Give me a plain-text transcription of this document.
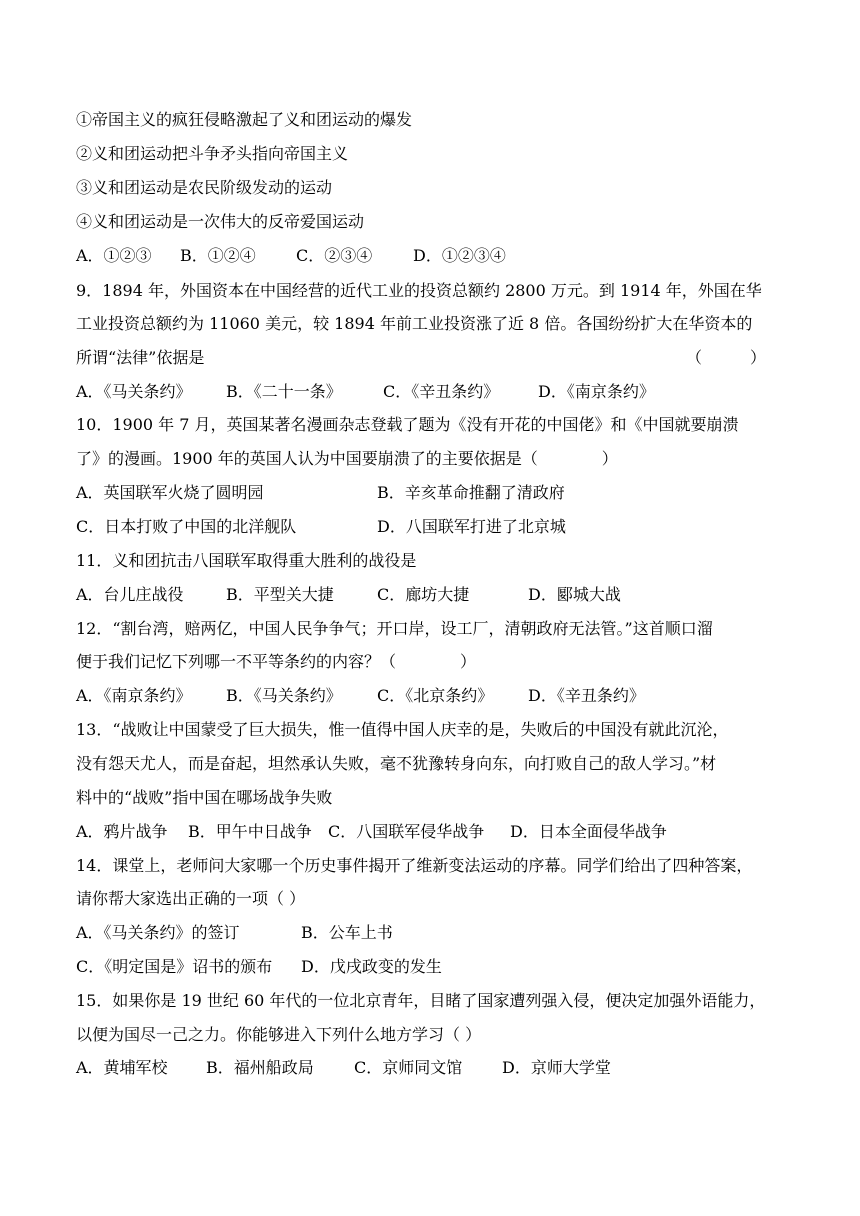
①帝国主义的疯狂侵略激起了义和团运动的爆发
②义和团运动把斗争矛头指向帝国主义
③义和团运动是农民阶级发动的运动
④义和团运动是一次伟大的反帝爱国运动
A．①②③ B．①②④	C．②③④	D．①②③④
9．1894 年，外国资本在中国经营的近代工业的投资总额约 2800 万元。到 1914 年，外国在华
工业投资总额约为 11060 美元，较 1894 年前工业投资涨了近 8 倍。各国纷纷扩大在华资本的
所谓“法律”依据是	（　　　）
A．《马关条约》 B．《二十一条》	C．《辛丑条约》 D．《南京条约》
10．1900 年 7 月，英国某著名漫画杂志登载了题为《没有开花的中国佬》和《中国就要崩溃
了》的漫画。1900 年的英国人认为中国要崩溃了的主要依据是（　　　　）
A．英国联军火烧了圆明园	B．辛亥革命推翻了清政府
C．日本打败了中国的北洋舰队	D．八国联军打进了北京城
11．义和团抗击八国联军取得重大胜利的战役是
A．台儿庄战役	B．平型关大捷	C．廊坊大捷	D．郾城大战
12．“割台湾，赔两亿，中国人民争争气；开口岸，设工厂，清朝政府无法管。”这首顺口溜
便于我们记忆下列哪一不平等条约的内容？（　　　　）
A．《南京条约》 B．《马关条约》 C．《北京条约》 D．《辛丑条约》
13．“战败让中国蒙受了巨大损失，惟一值得中国人庆幸的是，失败后的中国没有就此沉沦，
没有怨天尤人，而是奋起，坦然承认失败，毫不犹豫转身向东，向打败自己的敌人学习。”材
料中的“战败”指中国在哪场战争失败
A．鸦片战争 B．甲午中日战争 C．八国联军侵华战争 D．日本全面侵华战争
14．课堂上，老师问大家哪一个历史事件揭开了维新变法运动的序幕。同学们给出了四种答案，
请你帮大家选出正确的一项（ ）
A．《马关条约》的签订	B．公车上书
C．《明定国是》诏书的颁布 D．戊戌政变的发生
15．如果你是 19 世纪 60 年代的一位北京青年，目睹了国家遭列强入侵，便决定加强外语能力，
以便为国尽一己之力。你能够进入下列什么地方学习（ ）
A．黄埔军校 B．福州船政局	C．京师同文馆 D．京师大学堂
